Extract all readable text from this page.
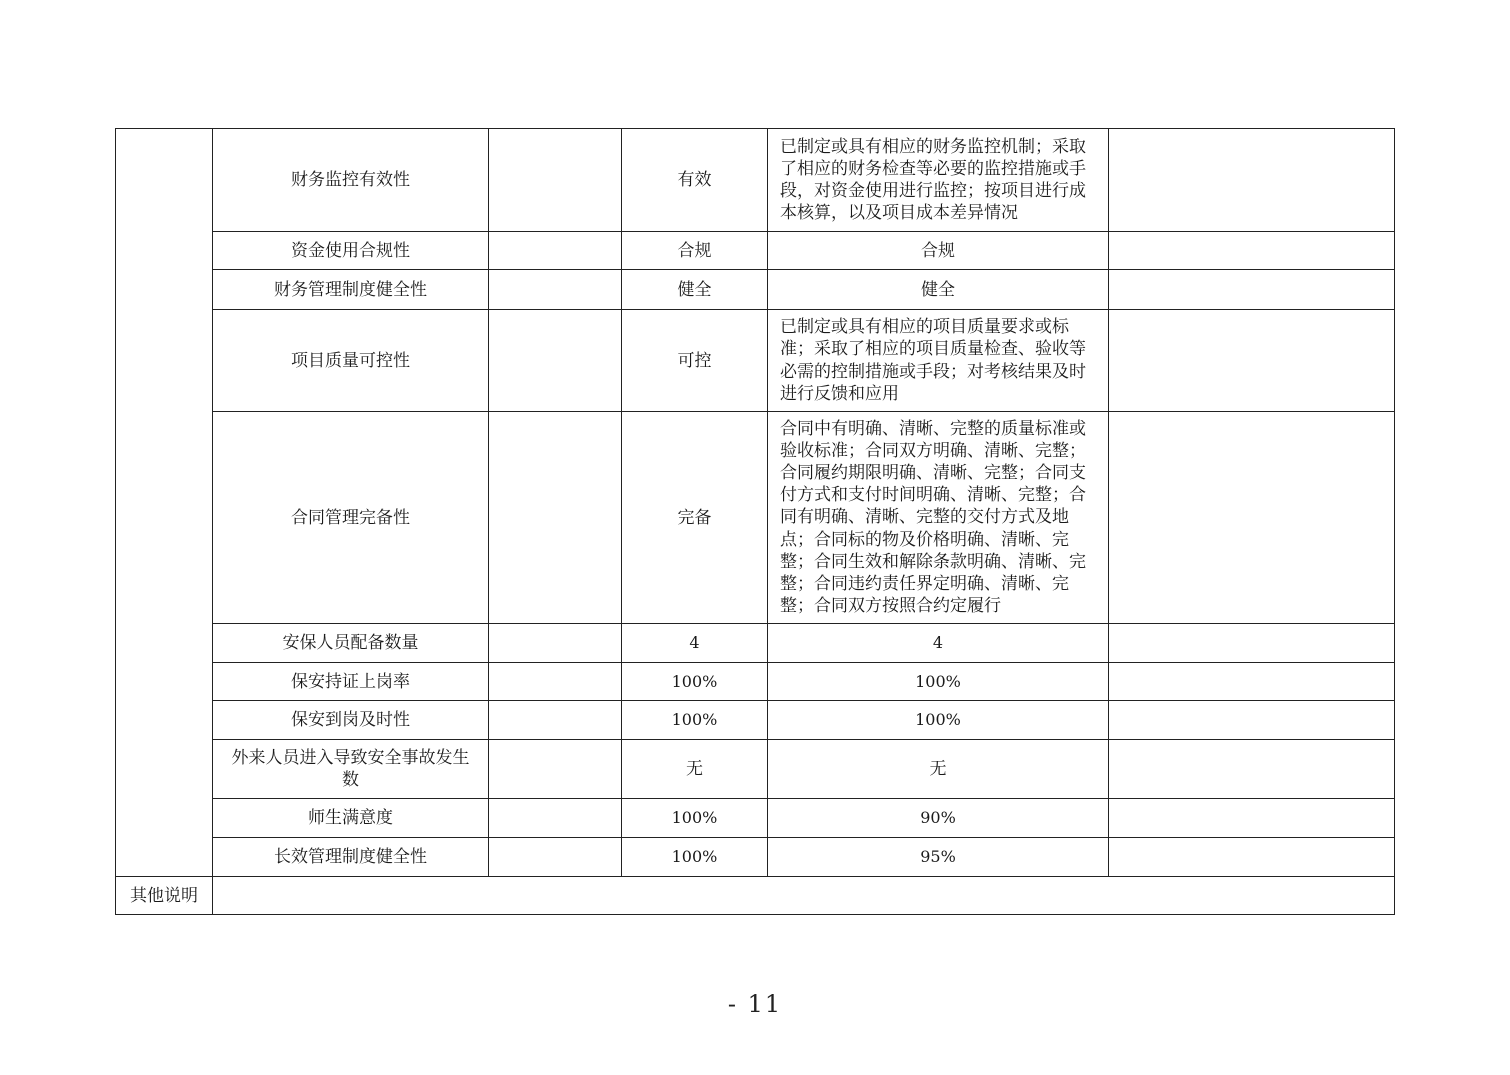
	财务监控有效性		有效	已制定或具有相应的财务监控机制；采取了相应的财务检查等必要的监控措施或手段，对资金使用进行监控；按项目进行成本核算，以及项目成本差异情况	
	资金使用合规性		合规	合规	
	财务管理制度健全性		健全	健全	
	项目质量可控性		可控	已制定或具有相应的项目质量要求或标准；采取了相应的项目质量检查、验收等必需的控制措施或手段；对考核结果及时进行反馈和应用	
	合同管理完备性		完备	合同中有明确、清晰、完整的质量标准或验收标准；合同双方明确、清晰、完整；合同履约期限明确、清晰、完整；合同支付方式和支付时间明确、清晰、完整；合同有明确、清晰、完整的交付方式及地点；合同标的物及价格明确、清晰、完整；合同生效和解除条款明确、清晰、完整；合同违约责任界定明确、清晰、完整；合同双方按照合约定履行	
	安保人员配备数量		4	4	
	保安持证上岗率		100%	100%	
	保安到岗及时性		100%	100%	
	外来人员进入导致安全事故发生数		无	无	
	师生满意度		100%	90%	
	长效管理制度健全性		100%	95%	
其他说明					
- 11
